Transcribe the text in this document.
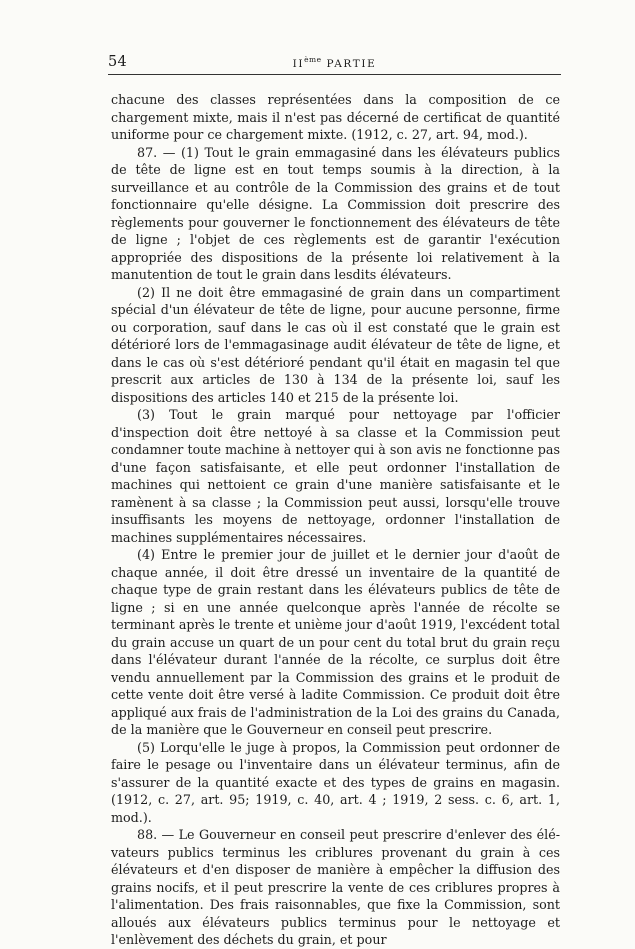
54	IIème PARTIE

chacune des classes représentées dans la composition de ce chargement mixte, mais il n'est pas décerné de certificat de quantité uniforme pour ce chargement mixte. (1912, c. 27, art. 94, mod.).

87. — (1) Tout le grain emmagasiné dans les élévateurs publics de tête de ligne est en tout temps soumis à la direction, à la surveillance et au contrôle de la Commission des grains et de tout fonctionnaire qu'elle désigne. La Commission doit prescrire des règlements pour gouverner le fonctionnement des élévateurs de tête de ligne ; l'objet de ces règlements est de garantir l'exécution appropriée des dispositions de la présente loi relativement à la manutention de tout le grain dans lesdits élévateurs.

(2) Il ne doit être emmagasiné de grain dans un compartiment spécial d'un élévateur de tête de ligne, pour aucune personne, firme ou corporation, sauf dans le cas où il est constaté que le grain est détérioré lors de l'emmagasinage audit élévateur de tête de ligne, et dans le cas où s'est détérioré pendant qu'il était en magasin tel que prescrit aux articles de 130 à 134 de la présente loi, sauf les dispositions des articles 140 et 215 de la présente loi.

(3) Tout le grain marqué pour nettoyage par l'officier d'inspection doit être nettoyé à sa classe et la Commission peut condamner toute machine à nettoyer qui à son avis ne fonctionne pas d'une façon satisfaisante, et elle peut ordonner l'installation de machines qui nettoient ce grain d'une manière satisfaisante et le ramènent à sa classe ; la Commission peut aussi, lorsqu'elle trouve insuffisants les moyens de nettoyage, ordonner l'installation de machines supplémentaires nécessaires.

(4) Entre le premier jour de juillet et le dernier jour d'août de chaque année, il doit être dressé un inventaire de la quantité de chaque type de grain restant dans les élévateurs publics de tête de ligne ; si en une année quelconque après l'année de récolte se terminant après le trente et unième jour d'août 1919, l'excédent total du grain accuse un quart de un pour cent du total brut du grain reçu dans l'élévateur durant l'année de la récolte, ce surplus doit être vendu annuellement par la Commission des grains et le produit de cette vente doit être versé à ladite Commission. Ce produit doit être appliqué aux frais de l'administration de la Loi des grains du Canada, de la manière que le Gouverneur en conseil peut prescrire.

(5) Lorqu'elle le juge à propos, la Commission peut ordonner de faire le pesage ou l'inventaire dans un élévateur terminus, afin de s'assurer de la quantité exacte et des types de grains en magasin. (1912, c. 27, art. 95; 1919, c. 40, art. 4 ; 1919, 2 sess. c. 6, art. 1, mod.).

88. — Le Gouverneur en conseil peut prescrire d'enlever des élévateurs publics terminus les criblures provenant du grain à ces élévateurs et d'en disposer de manière à empêcher la diffusion des grains nocifs, et il peut prescrire la vente de ces criblures propres à l'alimentation. Des frais raisonnables, que fixe la Commission, sont alloués aux élévateurs publics terminus pour le nettoyage et l'enlèvement des déchets du grain, et pour
